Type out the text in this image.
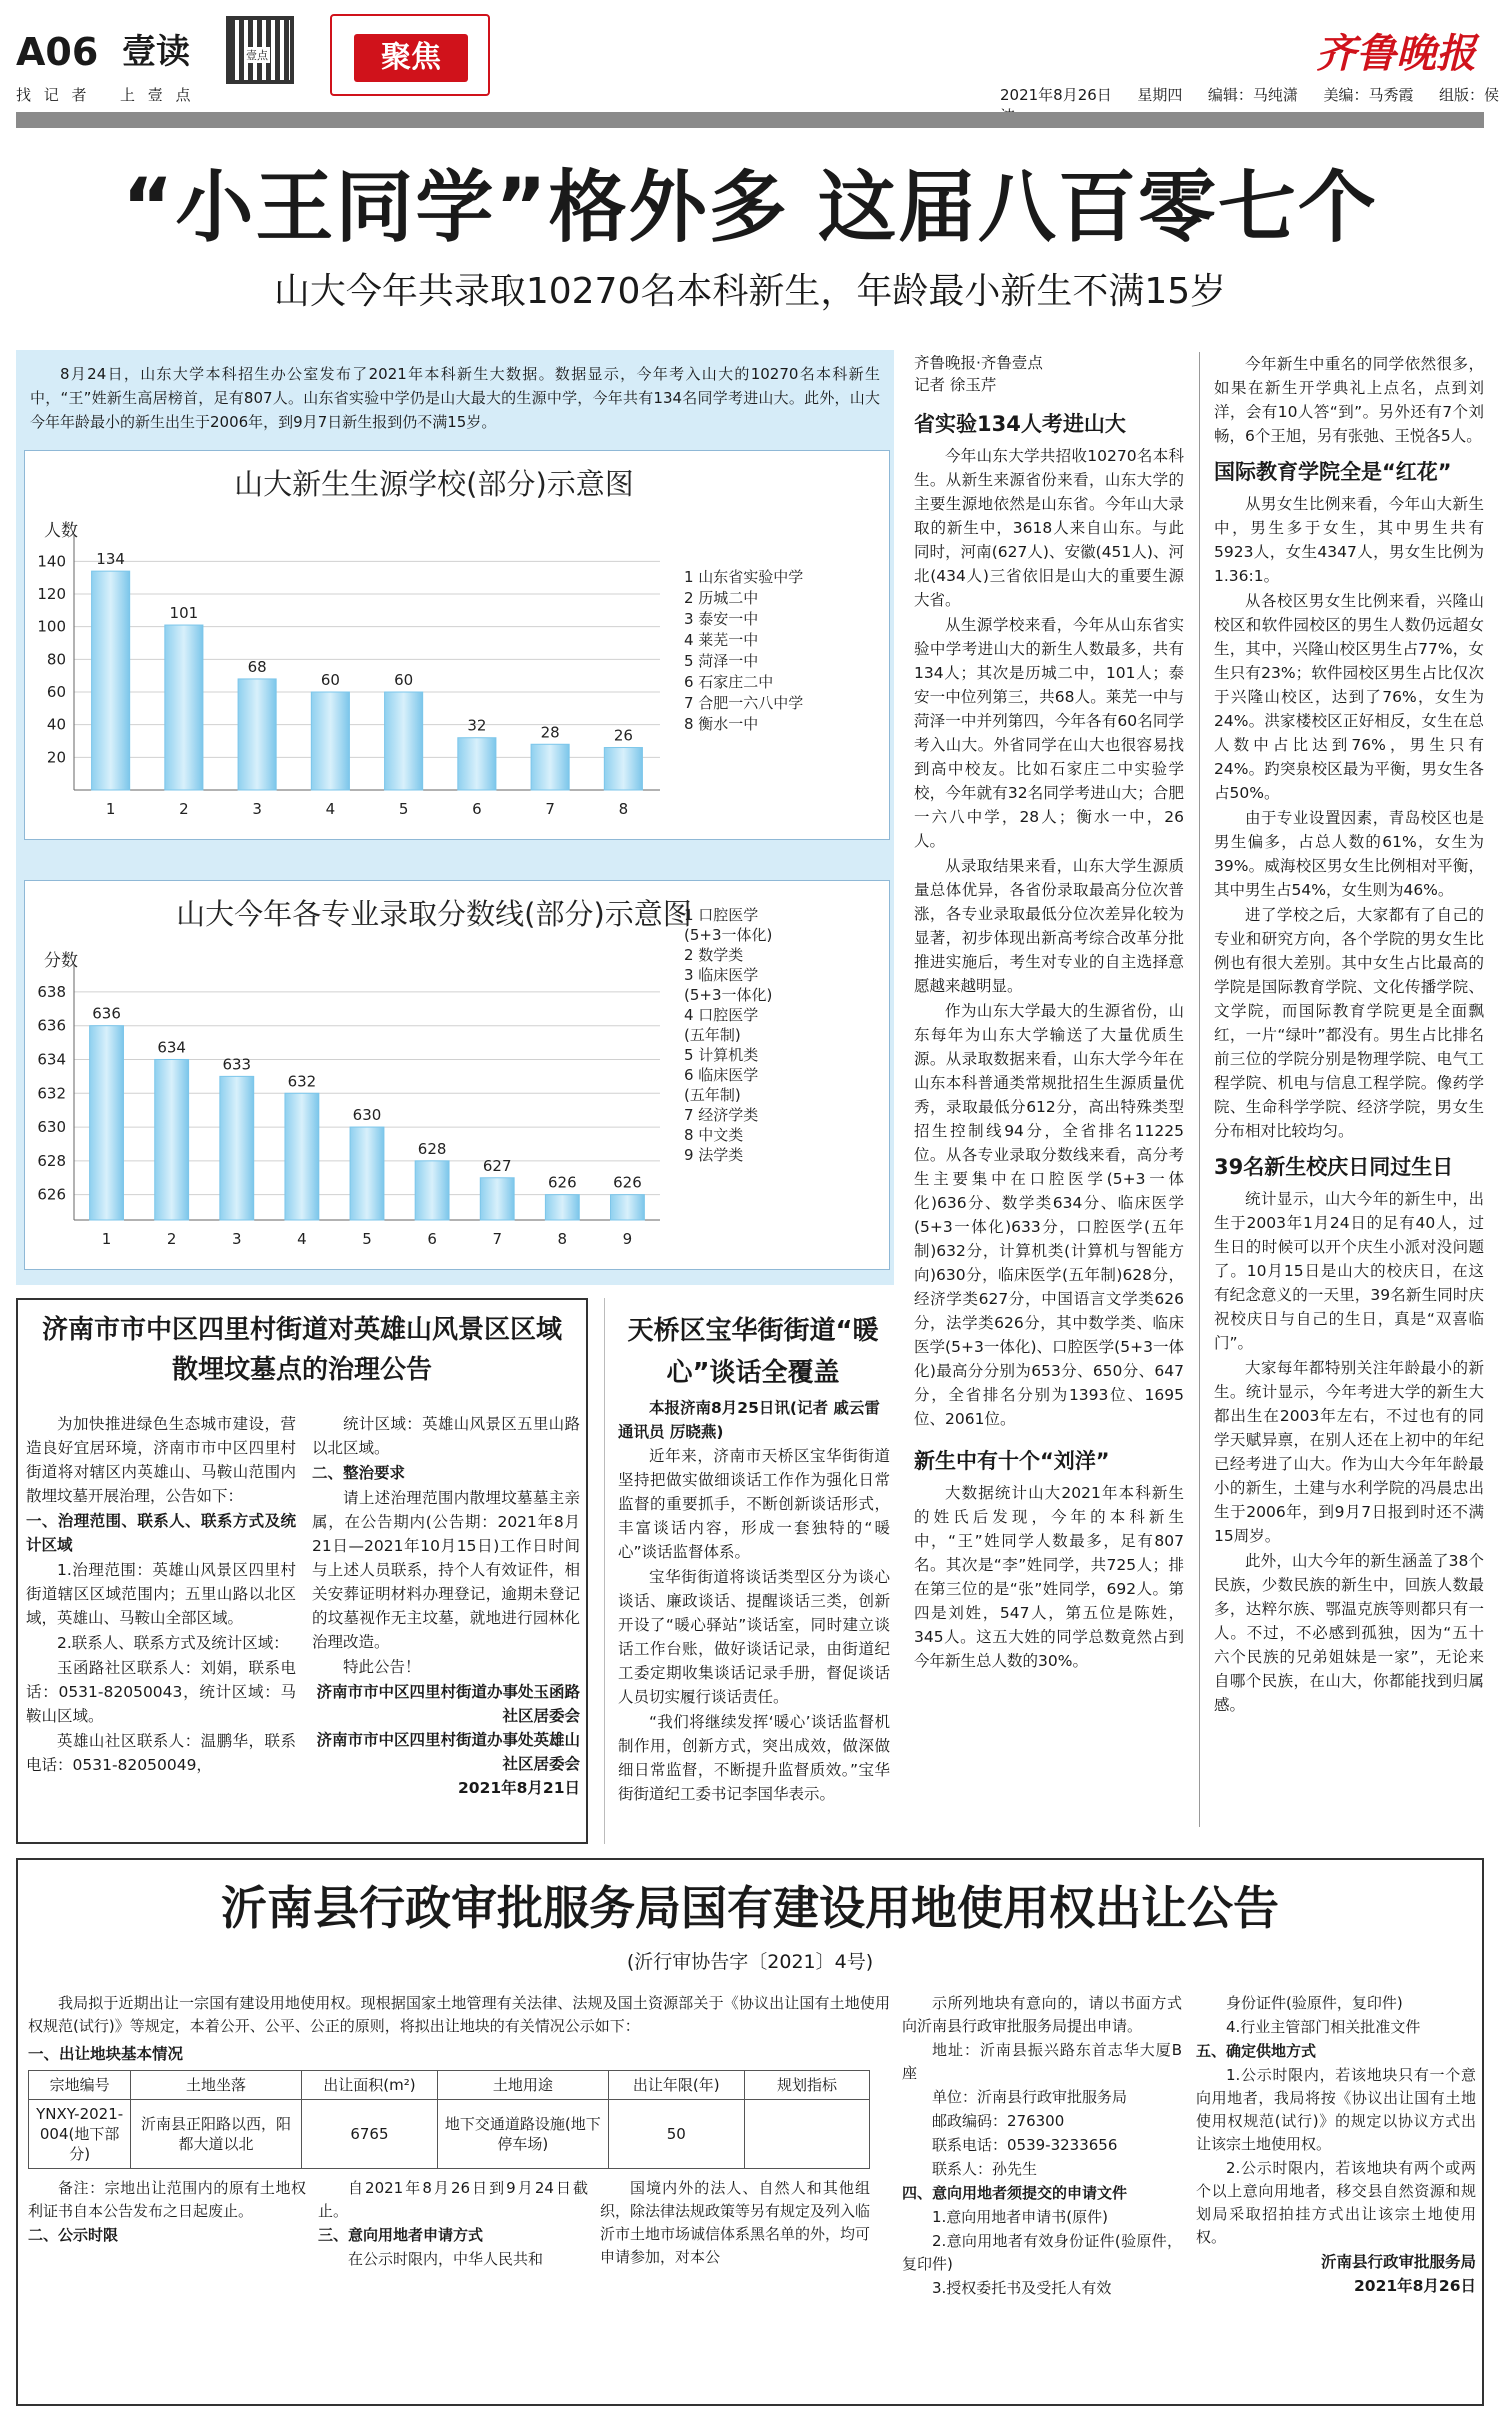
A06 壹读
找 记 者 上 壹 点
壹点	聚焦	齐鲁晚报
2021年8月26日 星期四 编辑：马纯潇 美编：马秀霞 组版：侯
“小王同学”格外多 这届八百零七个
山大今年共录取10270名本科新生，年龄最小新生不满15岁
8月24日，山东大学本科招生办公室发布了2021年本科新生大数据。数据显示，今年考入山大的10270名本科新生中，“王”姓新生高居榜首，足有807人。山东省实验中学仍是山大最大的生源中学，今年共有134名同学考进山大。此外，山大今年年龄最小的新生出生于2006年，到9月7日新生报到仍不满15岁。
山大新生生源学校(部分)示意图
人数
20
40
60
80
100
120
140 134
1
101
2
68
3
60
4
60
5
32
6
28
7
26
8
1 山东省实验中学
2 历城二中
3 泰安一中
4 莱芜一中
5 菏泽一中
6 石家庄二中
7 合肥一六八中学
8 衡水一中
山大今年各专业录取分数线(部分)示意图
分数
626
628
630
632
634
636
638
636
1
634
2
633
3
632
4
630
5
628
6
627
7
626
8
626
9
1 口腔医学
(5+3一体化)
2 数学类
3 临床医学
(5+3一体化)
4 口腔医学
(五年制)
5 计算机类
6 临床医学
(五年制)
7 经济学类
8 中文类
9 法学类
齐鲁晚报·齐鲁壹点
记者 徐玉芹
省实验134人考进山大
今年山东大学共招收10270名本科生。从新生来源省份来看，山东大学的主要生源地依然是山东省。今年山大录取的新生中，3618人来自山东。与此同时，河南(627人)、安徽(451人)、河北(434人)三省依旧是山大的重要生源大省。
从生源学校来看，今年从山东省实验中学考进山大的新生人数最多，共有134人；其次是历城二中，101人；泰安一中位列第三，共68人。莱芜一中与菏泽一中并列第四，今年各有60名同学考入山大。外省同学在山大也很容易找到高中校友。比如石家庄二中实验学校，今年就有32名同学考进山大；合肥一六八中学，28人；衡水一中，26人。
从录取结果来看，山东大学生源质量总体优异，各省份录取最高分位次普涨，各专业录取最低分位次差异化较为显著，初步体现出新高考综合改革分批推进实施后，考生对专业的自主选择意愿越来越明显。
作为山东大学最大的生源省份，山东每年为山东大学输送了大量优质生源。从录取数据来看，山东大学今年在山东本科普通类常规批招生生源质量优秀，录取最低分612分，高出特殊类型招生控制线94分，全省排名11225位。从各专业录取分数线来看，高分考生主要集中在口腔医学(5+3一体化)636分、数学类634分、临床医学(5+3一体化)633分，口腔医学(五年制)632分，计算机类(计算机与智能方向)630分，临床医学(五年制)628分，经济学类627分，中国语言文学类626分，法学类626分，其中数学类、临床医学(5+3一体化)、口腔医学(5+3一体化)最高分分别为653分、650分、647分，全省排名分别为1393位、1695位、2061位。
新生中有十个“刘洋”
大数据统计山大2021年本科新生的姓氏后发现，今年的本科新生中，“王”姓同学人数最多，足有807名。其次是“李”姓同学，共725人；排在第三位的是“张”姓同学，692人。第四是刘姓，547人，第五位是陈姓，345人。这五大姓的同学总数竟然占到今年新生总人数的30%。
今年新生中重名的同学依然很多，如果在新生开学典礼上点名，点到刘洋，会有10人答“到”。另外还有7个刘畅，6个王旭，另有张弛、王悦各5人。
国际教育学院全是“红花”
从男女生比例来看，今年山大新生中，男生多于女生，其中男生共有5923人，女生4347人，男女生比例为1.36:1。
从各校区男女生比例来看，兴隆山校区和软件园校区的男生人数仍远超女生，其中，兴隆山校区男生占77%，女生只有23%；软件园校区男生占比仅次于兴隆山校区，达到了76%，女生为24%。洪家楼校区正好相反，女生在总人数中占比达到76%，男生只有24%。趵突泉校区最为平衡，男女生各占50%。
由于专业设置因素，青岛校区也是男生偏多，占总人数的61%，女生为39%。威海校区男女生比例相对平衡，其中男生占54%，女生则为46%。
进了学校之后，大家都有了自己的专业和研究方向，各个学院的男女生比例也有很大差别。其中女生占比最高的学院是国际教育学院、文化传播学院、文学院，而国际教育学院更是全面飘红，一片“绿叶”都没有。男生占比排名前三位的学院分别是物理学院、电气工程学院、机电与信息工程学院。像药学院、生命科学学院、经济学院，男女生分布相对比较均匀。
39名新生校庆日同过生日
统计显示，山大今年的新生中，出生于2003年1月24日的足有40人，过生日的时候可以开个庆生小派对没问题了。10月15日是山大的校庆日，在这有纪念意义的一天里，39名新生同时庆祝校庆日与自己的生日，真是“双喜临门”。
大家每年都特别关注年龄最小的新生。统计显示，今年考进大学的新生大都出生在2003年左右，不过也有的同学天赋异禀，在别人还在上初中的年纪已经考进了山大。作为山大今年年龄最小的新生，土建与水利学院的冯晨忠出生于2006年，到9月7日报到时还不满15周岁。
此外，山大今年的新生涵盖了38个民族，少数民族的新生中，回族人数最多，达粹尔族、鄂温克族等则都只有一人。不过，不必感到孤独，因为“五十六个民族的兄弟姐妹是一家”，无论来自哪个民族，在山大，你都能找到归属感。
济南市市中区四里村街道对英雄山风景区区域散埋坟墓点的治理公告
为加快推进绿色生态城市建设，营造良好宜居环境，济南市市中区四里村街道将对辖区内英雄山、马鞍山范围内散埋坟墓开展治理，公告如下：
一、治理范围、联系人、联系方式及统计区域
1.治理范围：英雄山风景区四里村街道辖区区域范围内；五里山路以北区域，英雄山、马鞍山全部区域。
2.联系人、联系方式及统计区域：
玉函路社区联系人：刘娟，联系电话：0531-82050043，统计区域：马鞍山区域。
英雄山社区联系人：温鹏华，联系电话：0531-82050049，
统计区域：英雄山风景区五里山路以北区域。
二、整治要求
请上述治理范围内散埋坟墓墓主亲属，在公告期内(公告期：2021年8月21日—2021年10月15日)工作日时间与上述人员联系，持个人有效证件，相关安葬证明材料办理登记，逾期未登记的坟墓视作无主坟墓，就地进行园林化治理改造。
特此公告！
济南市市中区四里村街道办事处玉函路社区居委会
济南市市中区四里村街道办事处英雄山社区居委会
2021年8月21日
天桥区宝华街街道“暖心”谈话全覆盖
本报济南8月25日讯(记者 戚云雷 通讯员 厉晓燕)
近年来，济南市天桥区宝华街街道坚持把做实做细谈话工作作为强化日常监督的重要抓手，不断创新谈话形式，丰富谈话内容，形成一套独特的“暖心”谈话监督体系。
宝华街街道将谈话类型区分为谈心谈话、廉政谈话、提醒谈话三类，创新开设了“暖心驿站”谈话室，同时建立谈话工作台账，做好谈话记录，由街道纪工委定期收集谈话记录手册，督促谈话人员切实履行谈话责任。
“我们将继续发挥‘暖心’谈话监督机制作用，创新方式，突出成效，做深做细日常监督，不断提升监督质效。”宝华街街道纪工委书记李国华表示。
沂南县行政审批服务局国有建设用地使用权出让公告
(沂行审协告字〔2021〕4号)
我局拟于近期出让一宗国有建设用地使用权。现根据国家土地管理有关法律、法规及国土资源部关于《协议出让国有土地使用权规范(试行)》等规定，本着公开、公平、公正的原则，将拟出让地块的有关情况公示如下：
一、出让地块基本情况
宗地编号	土地坐落	出让面积(m²)	土地用途	出让年限(年)	规划指标
YNXY-2021-004(地下部分)	沂南县正阳路以西，阳都大道以北	6765	地下交通道路设施(地下停车场)	50	
备注：宗地出让范围内的原有土地权利证书自本公告发布之日起废止。
二、公示时限
自2021年8月26日到9月24日截止。
三、意向用地者申请方式
在公示时限内，中华人民共和
国境内外的法人、自然人和其他组织，除法律法规政策等另有规定及列入临沂市土地市场诚信体系黑名单的外，均可申请参加，对本公
示所列地块有意向的，请以书面方式向沂南县行政审批服务局提出申请。
地址：沂南县振兴路东首志华大厦B座
单位：沂南县行政审批服务局
邮政编码：276300
联系电话：0539-3233656
联系人：孙先生
四、意向用地者须提交的申请文件
1.意向用地者申请书(原件)
2.意向用地者有效身份证件(验原件，复印件)
3.授权委托书及受托人有效
身份证件(验原件，复印件)
4.行业主管部门相关批准文件
五、确定供地方式
1.公示时限内，若该地块只有一个意向用地者，我局将按《协议出让国有土地使用权规范(试行)》的规定以协议方式出让该宗土地使用权。
2.公示时限内，若该地块有两个或两个以上意向用地者，移交县自然资源和规划局采取招拍挂方式出让该宗土地使用权。
沂南县行政审批服务局
2021年8月26日
